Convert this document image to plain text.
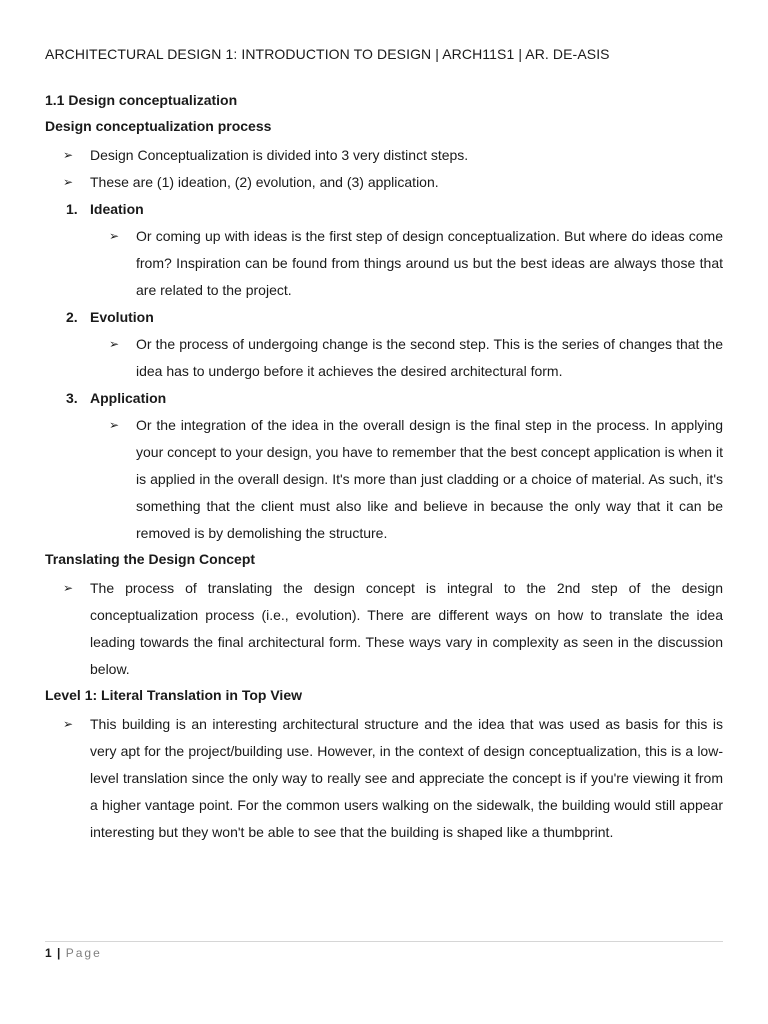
ARCHITECTURAL DESIGN 1: INTRODUCTION TO DESIGN | ARCH11S1 | AR. DE-ASIS
1.1 Design conceptualization
Design conceptualization process
➢ Design Conceptualization is divided into 3 very distinct steps.
➢ These are (1) ideation, (2) evolution, and (3) application.
1. Ideation
➢ Or coming up with ideas is the first step of design conceptualization. But where do ideas come from? Inspiration can be found from things around us but the best ideas are always those that are related to the project.
2. Evolution
➢ Or the process of undergoing change is the second step. This is the series of changes that the idea has to undergo before it achieves the desired architectural form.
3. Application
➢ Or the integration of the idea in the overall design is the final step in the process. In applying your concept to your design, you have to remember that the best concept application is when it is applied in the overall design. It's more than just cladding or a choice of material. As such, it's something that the client must also like and believe in because the only way that it can be removed is by demolishing the structure.
Translating the Design Concept
➢ The process of translating the design concept is integral to the 2nd step of the design conceptualization process (i.e., evolution). There are different ways on how to translate the idea leading towards the final architectural form. These ways vary in complexity as seen in the discussion below.
Level 1: Literal Translation in Top View
➢ This building is an interesting architectural structure and the idea that was used as basis for this is very apt for the project/building use. However, in the context of design conceptualization, this is a low-level translation since the only way to really see and appreciate the concept is if you're viewing it from a higher vantage point. For the common users walking on the sidewalk, the building would still appear interesting but they won't be able to see that the building is shaped like a thumbprint.
1 | Page
